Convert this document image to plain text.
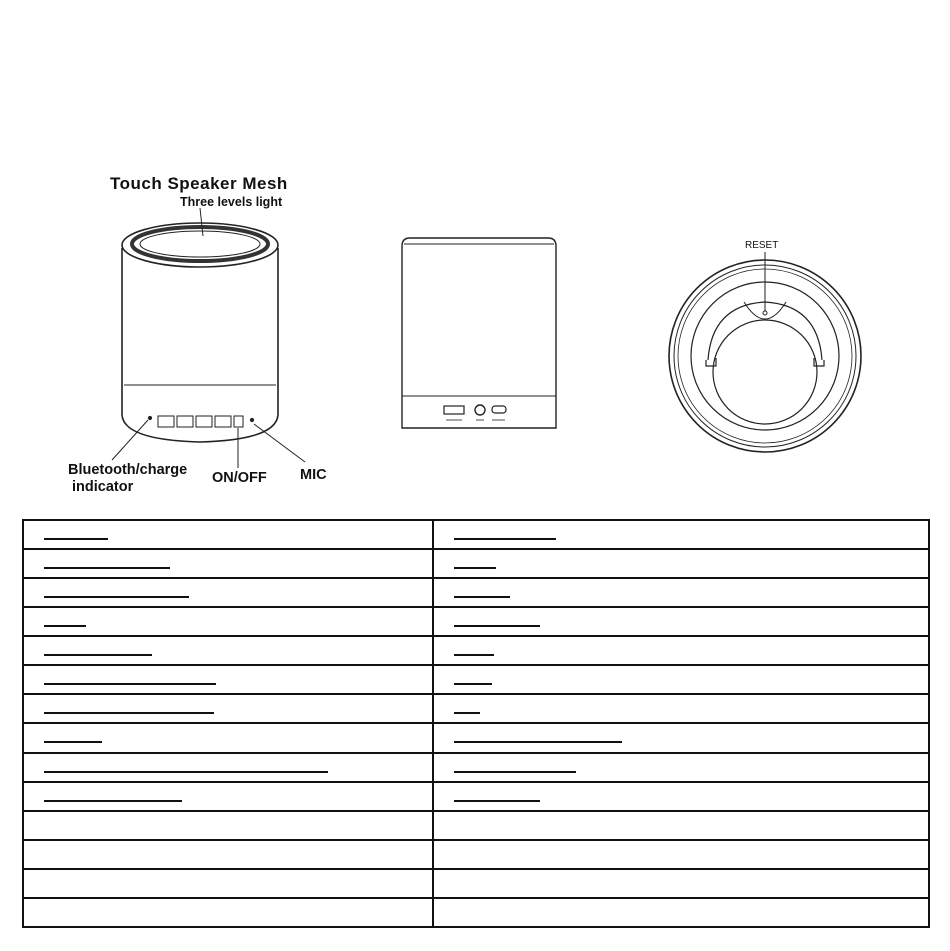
Touch Speaker Mesh
Three levels light
Bluetooth/charge
indicator
ON/OFF MIC
RESET
